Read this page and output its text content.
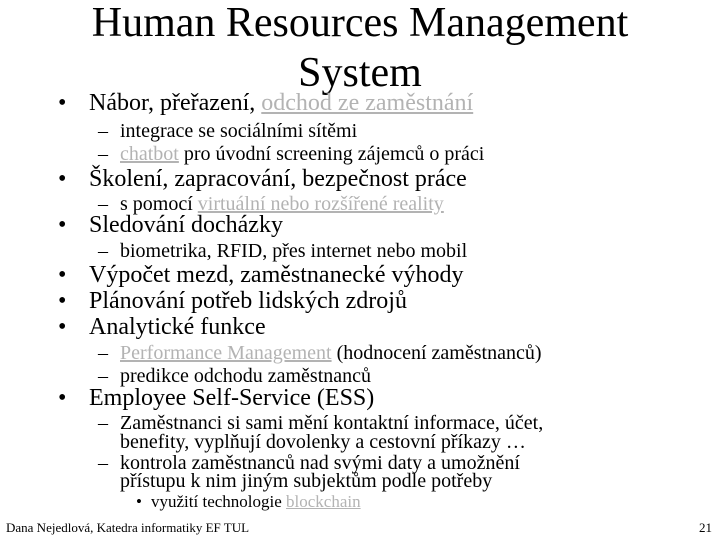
Human Resources Management
System
• Nábor, přeřazení, odchod ze zaměstnání
– integrace se sociálními sítěmi
– chatbot pro úvodní screening zájemců o práci
• Školení, zapracování, bezpečnost práce
– s pomocí virtuální nebo rozšířené reality
• Sledování docházky
– biometrika, RFID, přes internet nebo mobil
• Výpočet mezd, zaměstnanecké výhody
• Plánování potřeb lidských zdrojů
• Analytické funkce
– Performance Management (hodnocení zaměstnanců)
– predikce odchodu zaměstnanců
• Employee Self-Service (ESS)
– Zaměstnanci si sami mění kontaktní informace, účet,
benefity, vyplňují dovolenky a cestovní příkazy …
– kontrola zaměstnanců nad svými daty a umožnění
přístupu k nim jiným subjektům podle potřeby
• využití technologie blockchain
Dana Nejedlová, Katedra informatiky EF TUL	21
